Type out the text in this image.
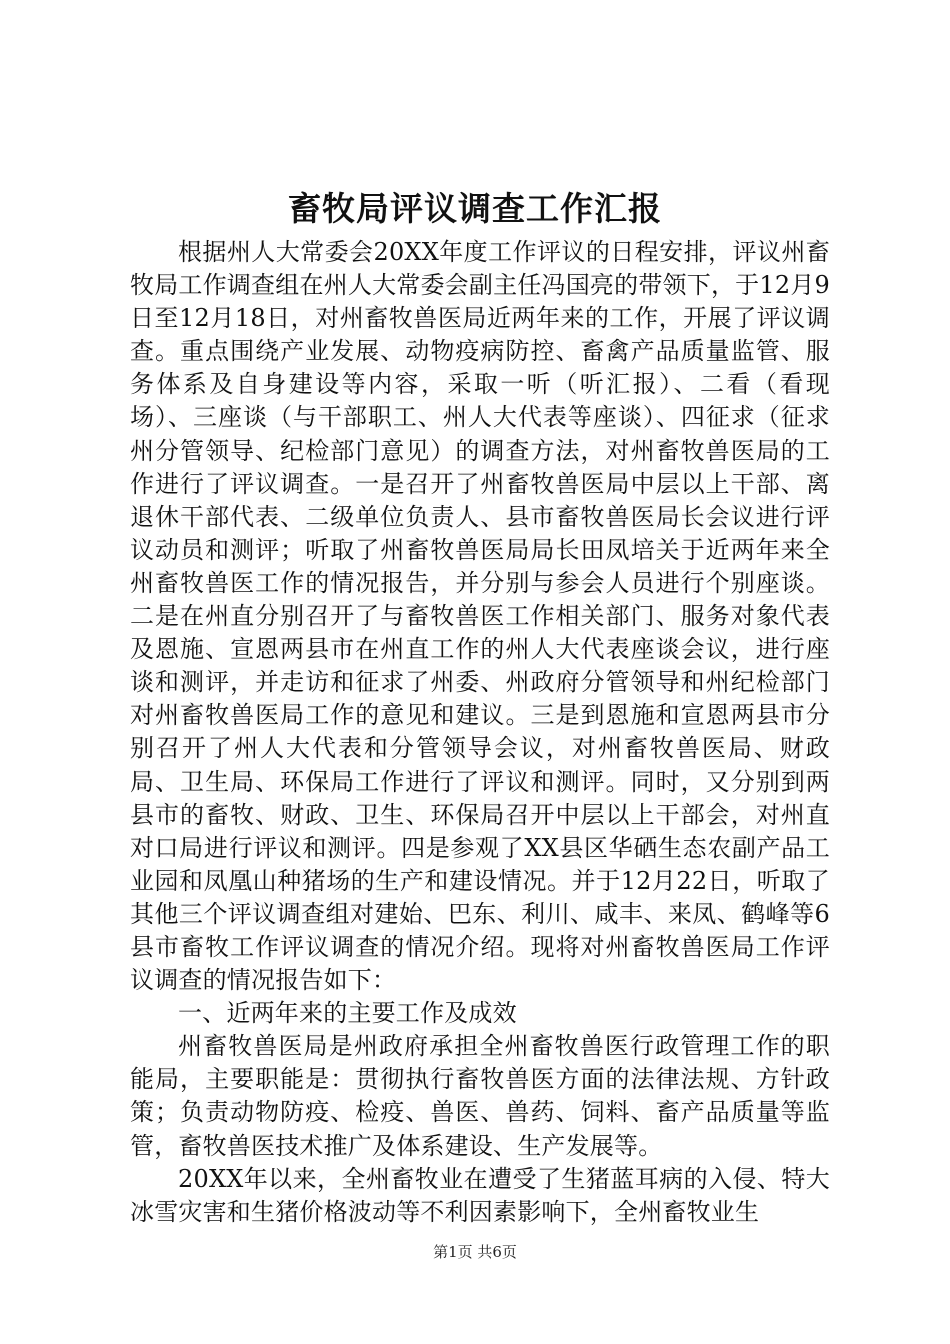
畜牧局评议调查工作汇报

根据州人大常委会20XX年度工作评议的日程安排，评议州畜牧局工作调查组在州人大常委会副主任冯国亮的带领下，于12月9日至12月18日，对州畜牧兽医局近两年来的工作，开展了评议调查。重点围绕产业发展、动物疫病防控、畜禽产品质量监管、服务体系及自身建设等内容，采取一听（听汇报）、二看（看现场）、三座谈（与干部职工、州人大代表等座谈）、四征求（征求州分管领导、纪检部门意见）的调查方法，对州畜牧兽医局的工作进行了评议调查。一是召开了州畜牧兽医局中层以上干部、离退休干部代表、二级单位负责人、县市畜牧兽医局长会议进行评议动员和测评；听取了州畜牧兽医局局长田凤培关于近两年来全州畜牧兽医工作的情况报告，并分别与参会人员进行个别座谈。二是在州直分别召开了与畜牧兽医工作相关部门、服务对象代表及恩施、宣恩两县市在州直工作的州人大代表座谈会议，进行座谈和测评，并走访和征求了州委、州政府分管领导和州纪检部门对州畜牧兽医局工作的意见和建议。三是到恩施和宣恩两县市分别召开了州人大代表和分管领导会议，对州畜牧兽医局、财政局、卫生局、环保局工作进行了评议和测评。同时，又分别到两县市的畜牧、财政、卫生、环保局召开中层以上干部会，对州直对口局进行评议和测评。四是参观了XX县区华硒生态农副产品工业园和凤凰山种猪场的生产和建设情况。并于12月22日，听取了其他三个评议调查组对建始、巴东、利川、咸丰、来凤、鹤峰等6县市畜牧工作评议调查的情况介绍。现将对州畜牧兽医局工作评议调查的情况报告如下：

一、近两年来的主要工作及成效

州畜牧兽医局是州政府承担全州畜牧兽医行政管理工作的职能局，主要职能是：贯彻执行畜牧兽医方面的法律法规、方针政策；负责动物防疫、检疫、兽医、兽药、饲料、畜产品质量等监管，畜牧兽医技术推广及体系建设、生产发展等。

20XX年以来，全州畜牧业在遭受了生猪蓝耳病的入侵、特大冰雪灾害和生猪价格波动等不利因素影响下，全州畜牧业生

第1页 共6页
